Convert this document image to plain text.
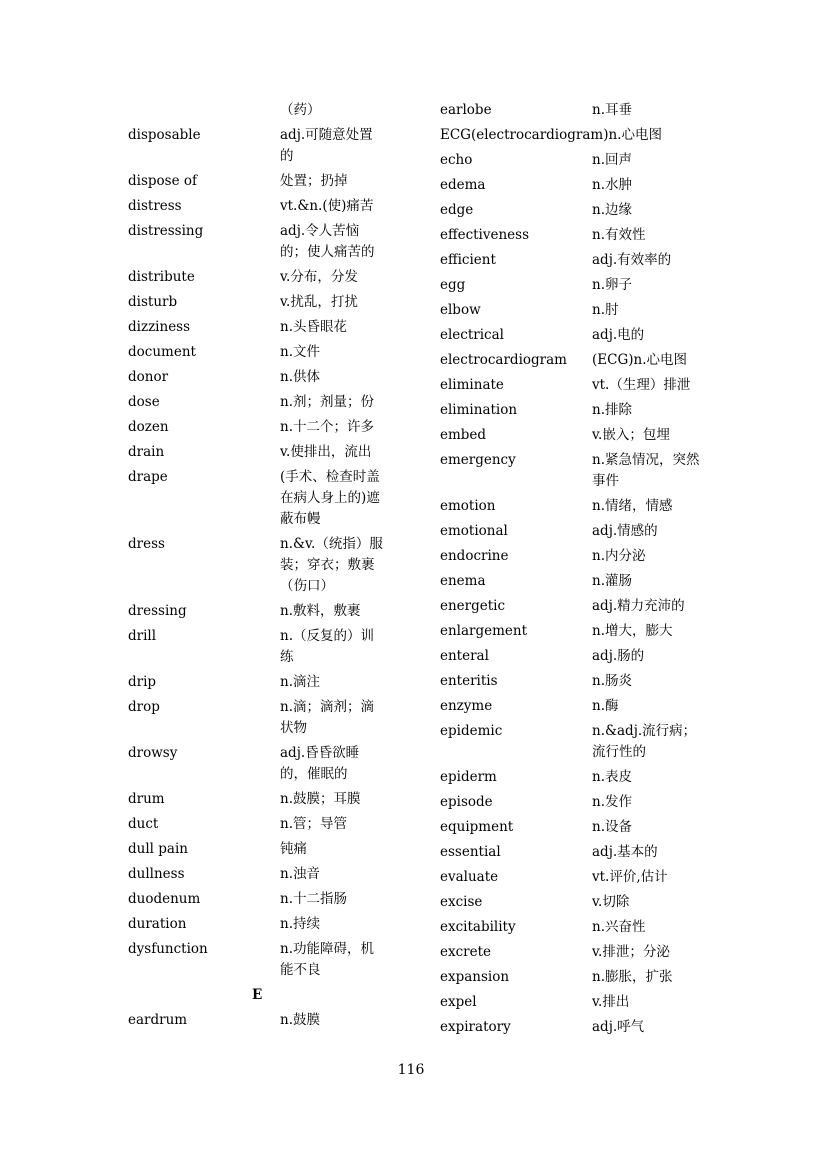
（药）
disposable	adj.可随意处置的
dispose of	处置；扔掉
distress	vt.&n.(使)痛苦
distressing	adj.令人苦恼的；使人痛苦的
distribute	v.分布，分发
disturb	v.扰乱，打扰
dizziness	n.头昏眼花
document	n.文件
donor	n.供体
dose	n.剂；剂量；份
dozen	n.十二个；许多
drain	v.使排出，流出
drape	(手术、检查时盖在病人身上的)遮蔽布幔
dress	n.&v.（统指）服装；穿衣；敷裹（伤口）
dressing	n.敷料，敷裹
drill	n.（反复的）训练
drip	n.滴注
drop	n.滴；滴剂；滴状物
drowsy	adj.昏昏欲睡的，催眠的
drum	n.鼓膜；耳膜
duct	n.管；导管
dull pain	钝痛
dullness	n.浊音
duodenum	n.十二指肠
duration	n.持续
dysfunction	n.功能障碍，机能不良
E
eardrum	n.鼓膜
earlobe	n.耳垂
ECG(electrocardiogram) n.心电图
echo	n.回声
edema	n.水肿
edge	n.边缘
effectiveness	n.有效性
efficient	adj.有效率的
egg	n.卵子
elbow	n.肘
electrical	adj.电的
electrocardiogram	(ECG)n.心电图
eliminate	vt.（生理）排泄
elimination	n.排除
embed	v.嵌入；包埋
emergency	n.紧急情况，突然事件
emotion	n.情绪，情感
emotional	adj.情感的
endocrine	n.内分泌
enema	n.灌肠
energetic	adj.精力充沛的
enlargement	n.增大，膨大
enteral	adj.肠的
enteritis	n.肠炎
enzyme	n.酶
epidemic	n.&adj.流行病；流行性的
epiderm	n.表皮
episode	n.发作
equipment	n.设备
essential	adj.基本的
evaluate	vt.评价,估计
excise	v.切除
excitability	n.兴奋性
excrete	v.排泄；分泌
expansion	n.膨胀，扩张
expel	v.排出
expiratory	adj.呼气
116
